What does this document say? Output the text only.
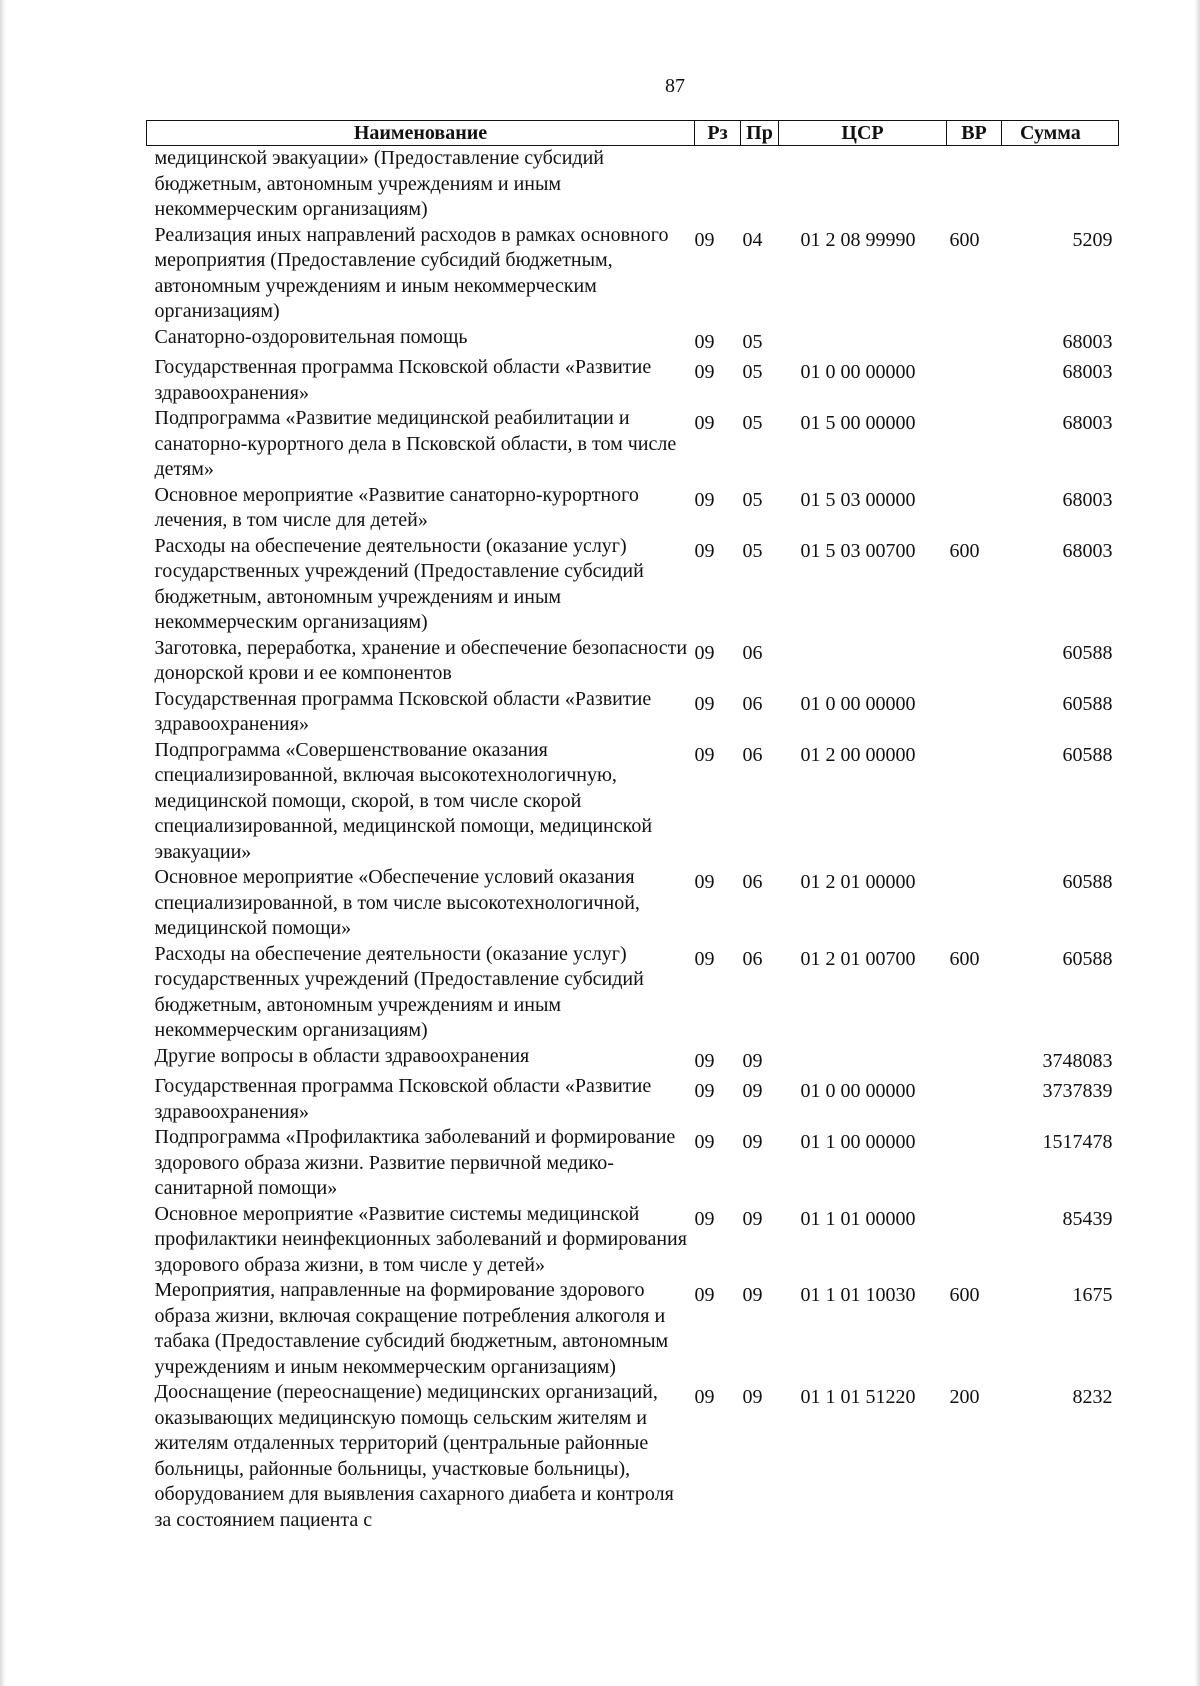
87
Наименование	Рз	Пр	ЦСР	ВР	Сумма
медицинской эвакуации» (Предоставление субсидий бюджетным, автономным учреждениям и иным некоммерческим организациям)					
Реализация иных направлений расходов в рамках основного мероприятия (Предоставление субсидий бюджетным, автономным учреждениям и иным некоммерческим организациям)	09	04	01 2 08 99990	600	5209
Санаторно-оздоровительная помощь	09	05			68003
Государственная программа Псковской области «Развитие здравоохранения»	09	05	01 0 00 00000		68003
Подпрограмма «Развитие медицинской реабилитации и санаторно-курортного дела в Псковской области, в том числе детям»	09	05	01 5 00 00000		68003
Основное мероприятие «Развитие санаторно-курортного лечения, в том числе для детей»	09	05	01 5 03 00000		68003
Расходы на обеспечение деятельности (оказание услуг) государственных учреждений (Предоставление субсидий бюджетным, автономным учреждениям и иным некоммерческим организациям)	09	05	01 5 03 00700	600	68003
Заготовка, переработка, хранение и обеспечение безопасности донорской крови и ее компонентов	09	06			60588
Государственная программа Псковской области «Развитие здравоохранения»	09	06	01 0 00 00000		60588
Подпрограмма «Совершенствование оказания специализированной, включая высокотехнологичную, медицинской помощи, скорой, в том числе скорой специализированной, медицинской помощи, медицинской эвакуации»	09	06	01 2 00 00000		60588
Основное мероприятие «Обеспечение условий оказания специализированной, в том числе высокотехнологичной, медицинской помощи»	09	06	01 2 01 00000		60588
Расходы на обеспечение деятельности (оказание услуг) государственных учреждений (Предоставление субсидий бюджетным, автономным учреждениям и иным некоммерческим организациям)	09	06	01 2 01 00700	600	60588
Другие вопросы в области здравоохранения	09	09			3748083
Государственная программа Псковской области «Развитие здравоохранения»	09	09	01 0 00 00000		3737839
Подпрограмма «Профилактика заболеваний и формирование здорового образа жизни. Развитие первичной медико-санитарной помощи»	09	09	01 1 00 00000		1517478
Основное мероприятие «Развитие системы медицинской профилактики неинфекционных заболеваний и формирования здорового образа жизни, в том числе у детей»	09	09	01 1 01 00000		85439
Мероприятия, направленные на формирование здорового образа жизни, включая сокращение потребления алкоголя и табака (Предоставление субсидий бюджетным, автономным учреждениям и иным некоммерческим организациям)	09	09	01 1 01 10030	600	1675
Дооснащение (переоснащение) медицинских организаций, оказывающих медицинскую помощь сельским жителям и жителям отдаленных территорий (центральные районные больницы, районные больницы, участковые больницы), оборудованием для выявления сахарного диабета и контроля за состоянием пациента с	09	09	01 1 01 51220	200	8232
